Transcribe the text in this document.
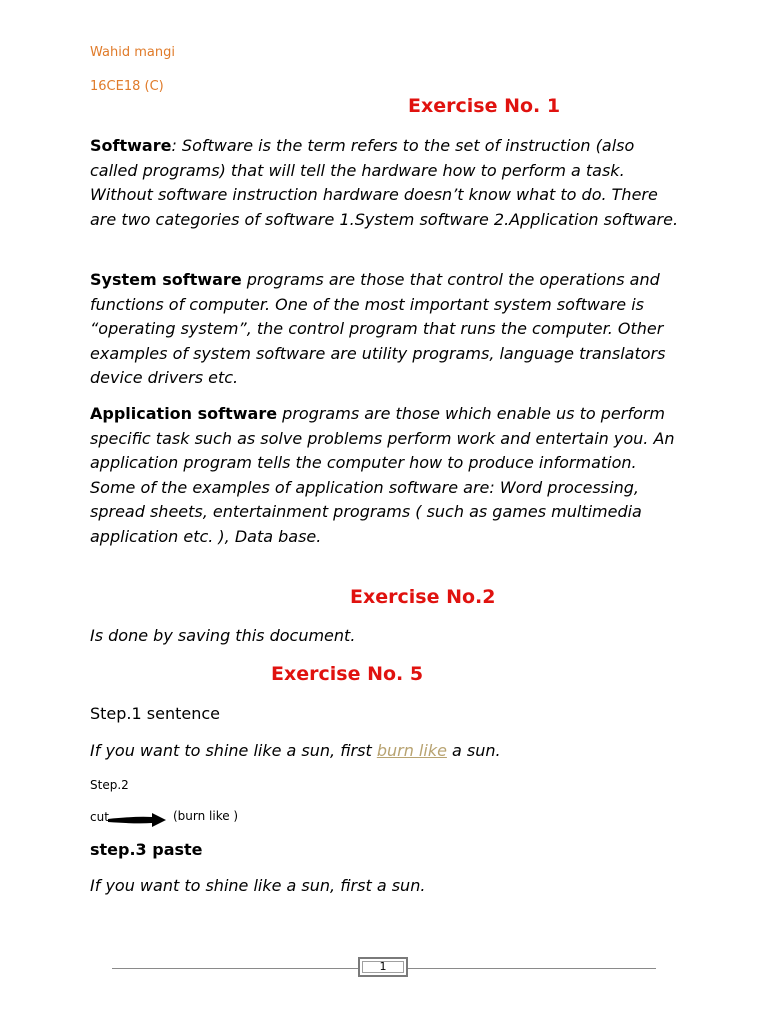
Wahid mangi
16CE18 (C)
Exercise No. 1

Software: Software is the term refers to the set of instruction (also called programs) that will tell the hardware how to perform a task. Without software instruction hardware doesn’t know what to do. There are two categories of software 1.System software 2.Application software.

System software programs are those that control the operations and functions of computer. One of the most important system software is “operating system”, the control program that runs the computer. Other examples of system software are utility programs, language translators device drivers etc.

Application software programs are those which enable us to perform specific task such as solve problems perform work and entertain you. An application program tells the computer how to produce information. Some of the examples of application software are: Word processing, spread sheets, entertainment programs ( such as games multimedia application etc. ), Data base.

Exercise No.2
Is done by saving this document.
Exercise No. 5
Step.1 sentence
If you want to shine like a sun, first burn like a sun.
Step.2
cut	(burn like )
step.3 paste
If you want to shine like a sun, first a sun.
1
